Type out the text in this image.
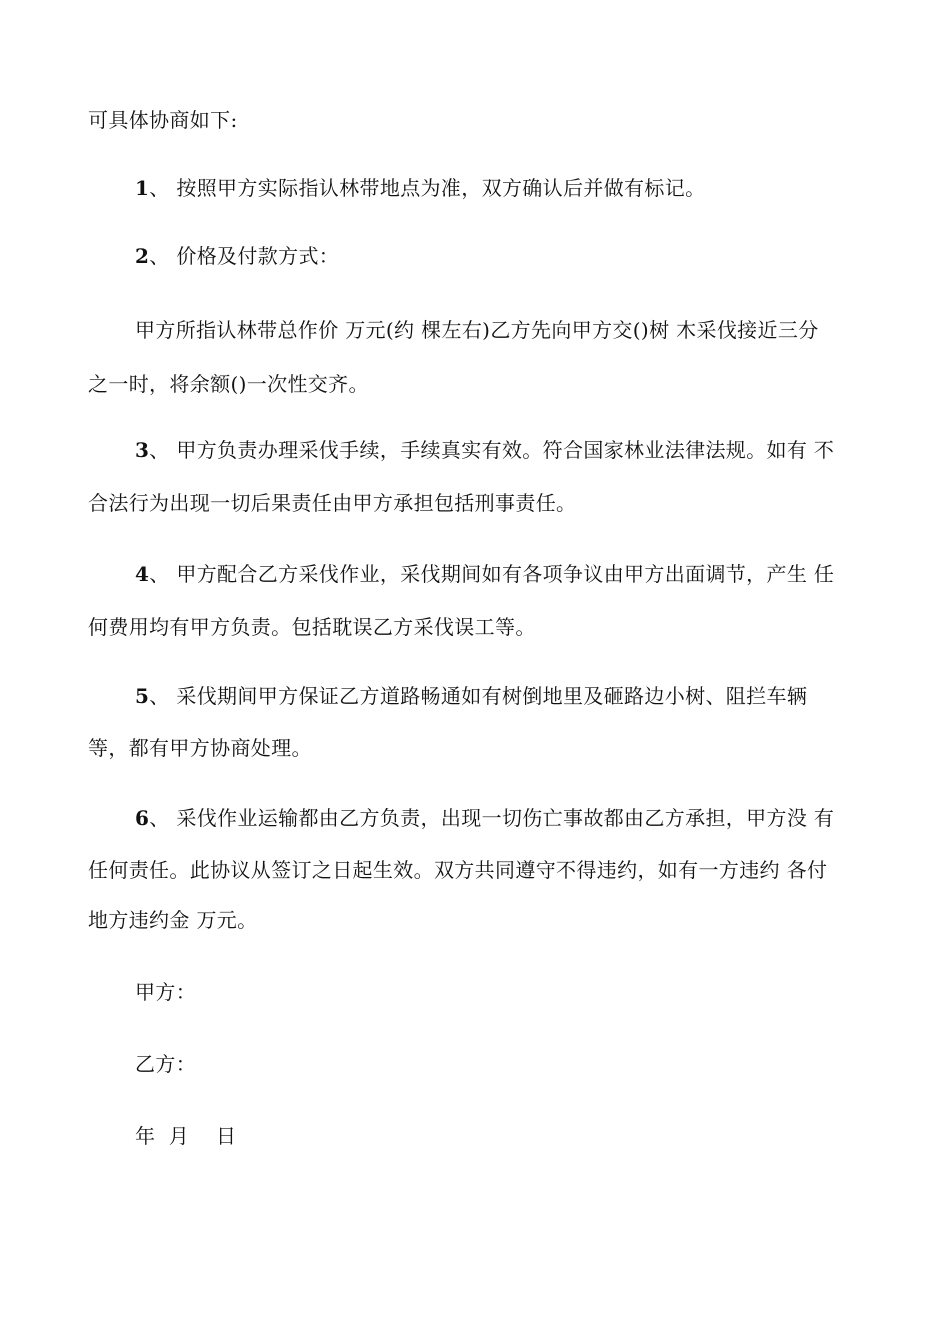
可具体协商如下:
1、 按照甲方实际指认林带地点为准，双方确认后并做有标记。
2、 价格及付款方式：
甲方所指认林带总作价 万元(约 棵左右)乙方先向甲方交()树 木采伐接近三分
之一时，将余额()一次性交齐。
3、 甲方负责办理采伐手续，手续真实有效。符合国家林业法律法规。如有 不
合法行为出现一切后果责任由甲方承担包括刑事责任。
4、 甲方配合乙方采伐作业，采伐期间如有各项争议由甲方出面调节，产生 任
何费用均有甲方负责。包括耽误乙方采伐误工等。
5、 采伐期间甲方保证乙方道路畅通如有树倒地里及砸路边小树、阻拦车辆
等，都有甲方协商处理。
6、 采伐作业运输都由乙方负责，出现一切伤亡事故都由乙方承担，甲方没 有
任何责任。此协议从签订之日起生效。双方共同遵守不得违约，如有一方违约 各付
地方违约金 万元。
甲方：
乙方：
年  月    日
